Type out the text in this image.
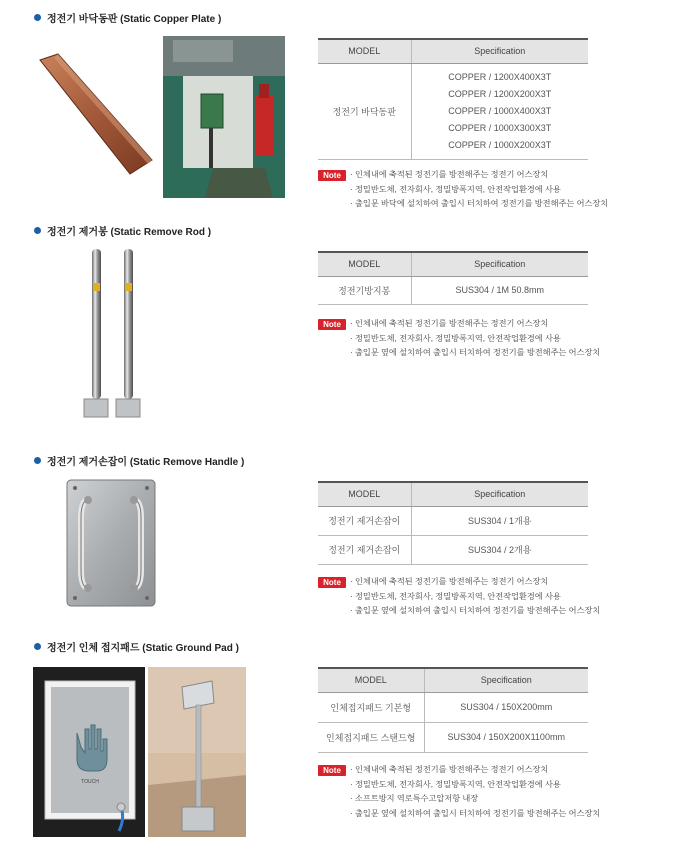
정전기 바닥동판 (Static Copper Plate )
MODEL	Specification
정전기 바닥동판	COPPER / 1200X400X3T
COPPER / 1200X200X3T
COPPER / 1000X400X3T
COPPER / 1000X300X3T
COPPER / 1000X200X3T
Note	· 인체내에 축적된 정전기를 방전해주는 정전기 어스장치
· 정밀반도체, 전자회사, 정밀방폭지역, 안전작업환경에 사용
· 출입문 바닥에 설치하여 출입시 터치하여 정전기를 방전해주는 어스장치
정전기 제거봉 (Static Remove Rod )
MODEL	Specification
정전기방지봉	SUS304 / 1M 50.8mm
Note	· 인체내에 축적된 정전기를 방전해주는 정전기 어스장치
· 정밀반도체, 전자회사, 정밀방폭지역, 안전작업환경에 사용
· 출입문 옆에 설치하여 출입시 터치하여 정전기를 방전해주는 어스장치
정전기 제거손잡이 (Static Remove Handle )
MODEL	Specification
정전기 제거손잡이	SUS304 / 1개용
정전기 제거손잡이	SUS304 / 2개용
Note	· 인체내에 축적된 정전기를 방전해주는 정전기 어스장치
· 정밀반도체, 전자회사, 정밀방폭지역, 안전작업환경에 사용
· 출입문 옆에 설치하여 출입시 터치하여 정전기를 방전해주는 어스장치
정전기 인체 접지패드 (Static Ground Pad )
TOUCH
MODEL	Specification
인체접지패드 기본형	SUS304 / 150X200mm
인체접지패드 스탠드형	SUS304 / 150X200X1100mm
Note	· 인체내에 축적된 정전기를 방전해주는 정전기 어스장치
· 정밀반도체, 전자회사, 정밀방폭지역, 안전작업환경에 사용
· 소프트방지 역로특수고압저항 내장
· 출입문 옆에 설치하여 출입시 터치하여 정전기를 방전해주는 어스장치
